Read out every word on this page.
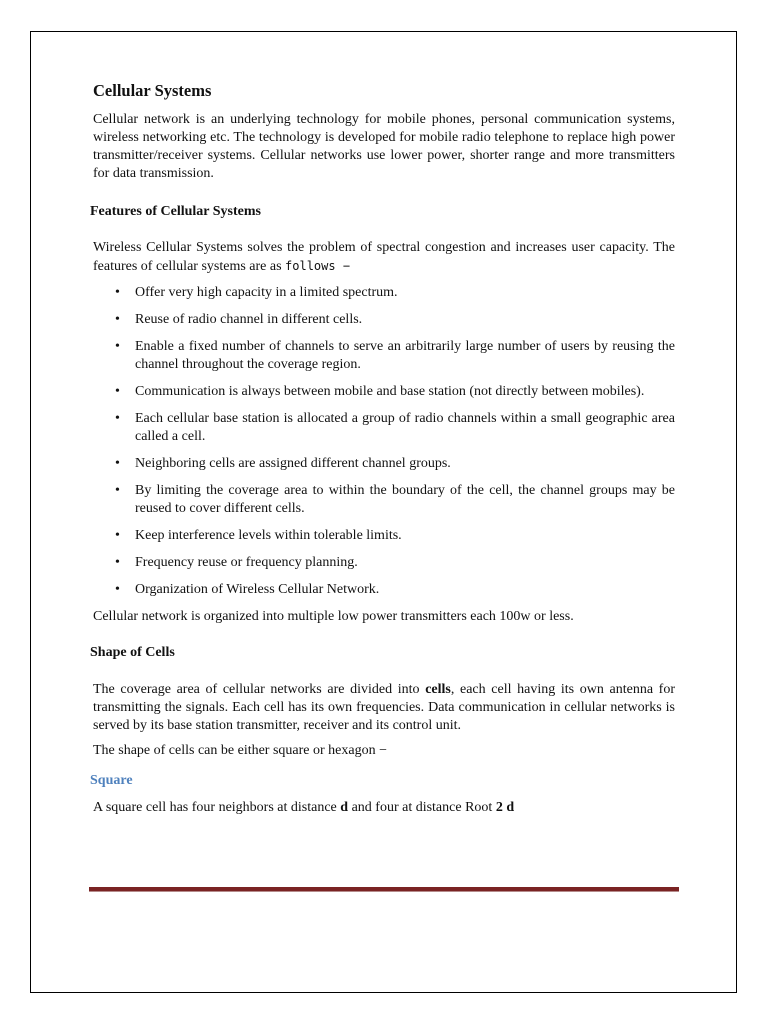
Cellular Systems

Cellular network is an underlying technology for mobile phones, personal communication systems, wireless networking etc. The technology is developed for mobile radio telephone to replace high power transmitter/receiver systems. Cellular networks use lower power, shorter range and more transmitters for data transmission.

Features of Cellular Systems

Wireless Cellular Systems solves the problem of spectral congestion and increases user capacity. The features of cellular systems are as follows −

• Offer very high capacity in a limited spectrum.
• Reuse of radio channel in different cells.
• Enable a fixed number of channels to serve an arbitrarily large number of users by reusing the channel throughout the coverage region.
• Communication is always between mobile and base station (not directly between mobiles).
• Each cellular base station is allocated a group of radio channels within a small geographic area called a cell.
• Neighboring cells are assigned different channel groups.
• By limiting the coverage area to within the boundary of the cell, the channel groups may be reused to cover different cells.
• Keep interference levels within tolerable limits.
• Frequency reuse or frequency planning.
• Organization of Wireless Cellular Network.

Cellular network is organized into multiple low power transmitters each 100w or less.

Shape of Cells

The coverage area of cellular networks are divided into cells, each cell having its own antenna for transmitting the signals. Each cell has its own frequencies. Data communication in cellular networks is served by its base station transmitter, receiver and its control unit.

The shape of cells can be either square or hexagon −

Square

A square cell has four neighbors at distance d and four at distance Root 2 d
